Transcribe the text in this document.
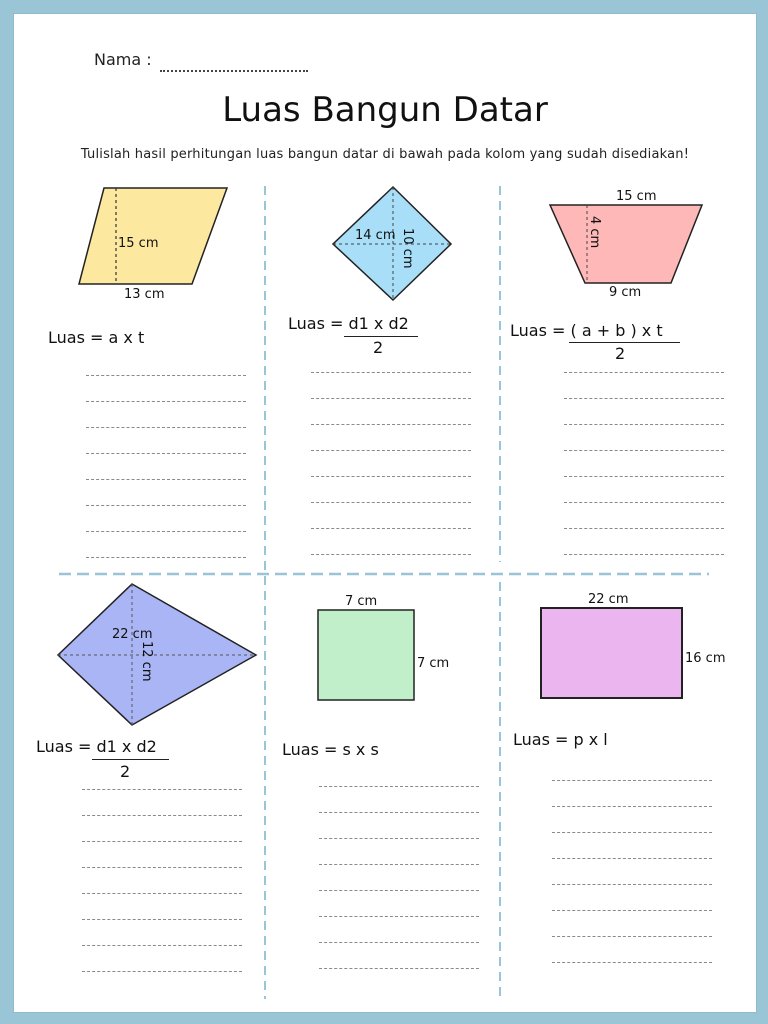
Nama :
Luas Bangun Datar
Tulislah hasil perhitungan luas bangun datar di bawah pada kolom yang sudah disediakan!
10 cm	4 cm
12 cm
15 cm
13 cm
14 cm
15 cm
9 cm
22 cm
7 cm
7 cm
22 cm
16 cm
Luas = a x t
Luas = d1 x d2
2
Luas = ( a + b ) x t
2
Luas = d1 x d2
2
Luas = s x s
Luas = p x l
